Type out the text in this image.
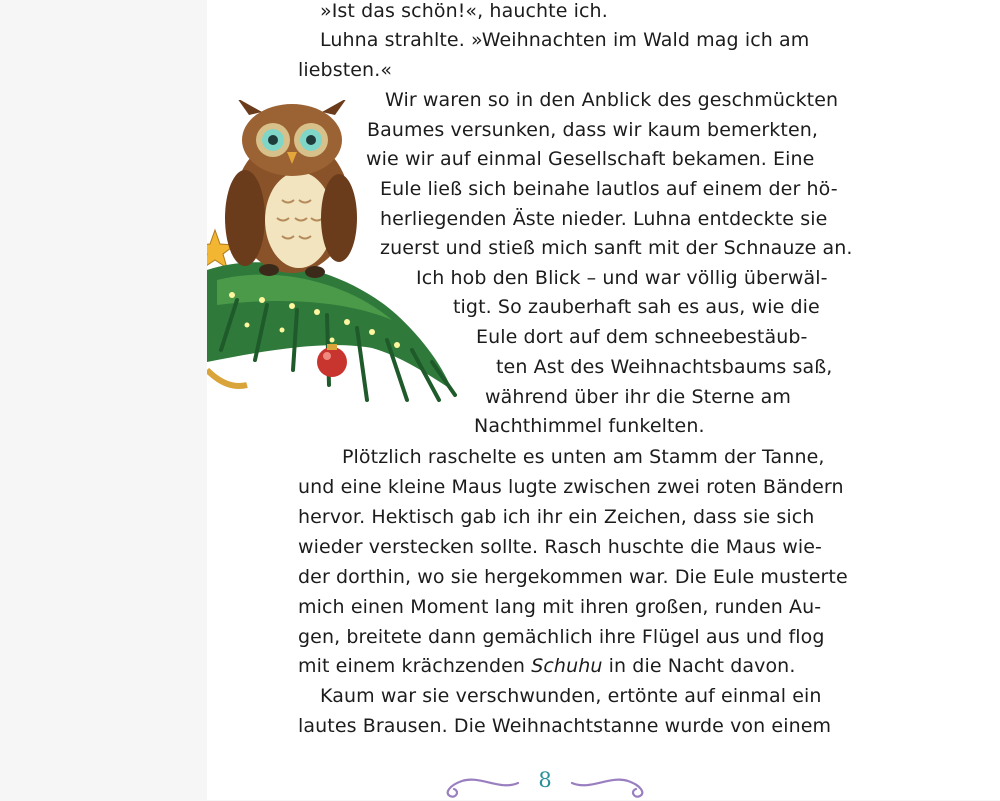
»Ist das schön!«, hauchte ich.
Luhna strahlte. »Weihnachten im Wald mag ich am
liebsten.«
Wir waren so in den Anblick des geschmückten
Baumes versunken, dass wir kaum bemerkten,
wie wir auf einmal Gesellschaft bekamen. Eine
Eule ließ sich beinahe lautlos auf einem der hö-
herliegenden Äste nieder. Luhna entdeckte sie
zuerst und stieß mich sanft mit der Schnauze an.
Ich hob den Blick – und war völlig überwäl-
tigt. So zauberhaft sah es aus, wie die
Eule dort auf dem schneebestäub-
ten Ast des Weihnachtsbaums saß,
während über ihr die Sterne am
Nachthimmel funkelten.
Plötzlich raschelte es unten am Stamm der Tanne,
und eine kleine Maus lugte zwischen zwei roten Bändern
hervor. Hektisch gab ich ihr ein Zeichen, dass sie sich
wieder verstecken sollte. Rasch huschte die Maus wie-
der dorthin, wo sie hergekommen war. Die Eule musterte
mich einen Moment lang mit ihren großen, runden Au-
gen, breitete dann gemächlich ihre Flügel aus und flog
mit einem krächzenden Schuhu in die Nacht davon.
Kaum war sie verschwunden, ertönte auf einmal ein
lautes Brausen. Die Weihnachtstanne wurde von einem
8
